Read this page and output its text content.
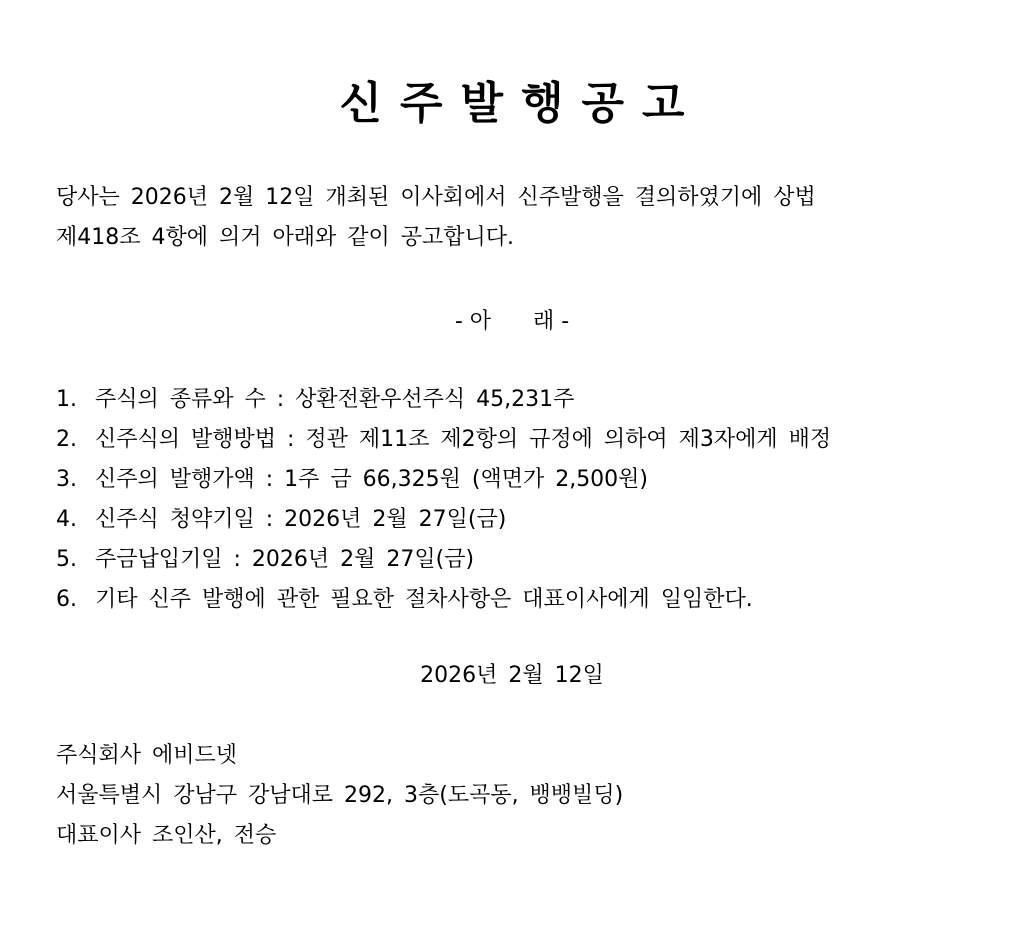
신주발행공고

당사는 2026년 2월 12일 개최된 이사회에서 신주발행을 결의하였기에 상법

제418조 4항에 의거 아래와 같이 공고합니다.

- 아      래 -
1. 주식의 종류와 수 : 상환전환우선주식 45,231주
2. 신주식의 발행방법 : 정관 제11조 제2항의 규정에 의하여 제3자에게 배정
3. 신주의 발행가액 : 1주 금 66,325원 (액면가 2,500원)
4. 신주식 청약기일 : 2026년 2월 27일(금)
5. 주금납입기일 : 2026년 2월 27일(금)
6. 기타 신주 발행에 관한 필요한 절차사항은 대표이사에게 일임한다.
2026년 2월 12일
주식회사 에비드넷
서울특별시 강남구 강남대로 292, 3층(도곡동, 뱅뱅빌딩)
대표이사 조인산, 전승
